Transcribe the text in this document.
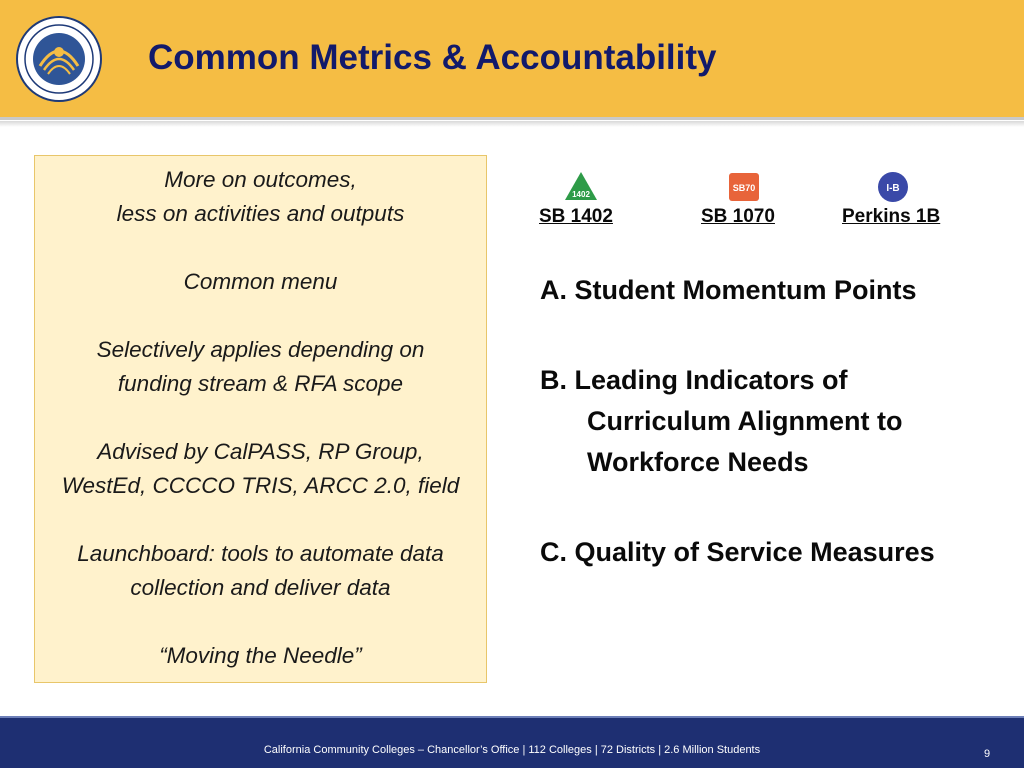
Common Metrics & Accountability
More on outcomes,
less on activities and outputs
Common menu
Selectively applies depending on
funding stream & RFA scope
Advised by CalPASS, RP Group,
WestEd, CCCCO TRIS, ARCC 2.0, field
Launchboard: tools to automate data
collection and deliver data
“Moving the Needle”
1402
SB70	I-B
SB 1402	SB 1070	Perkins 1B
A. Student Momentum Points
B. Leading Indicators of
Curriculum Alignment to
Workforce Needs
C. Quality of Service Measures
California Community Colleges – Chancellor’s Office | 112 Colleges | 72 Districts | 2.6 Million Students	9
